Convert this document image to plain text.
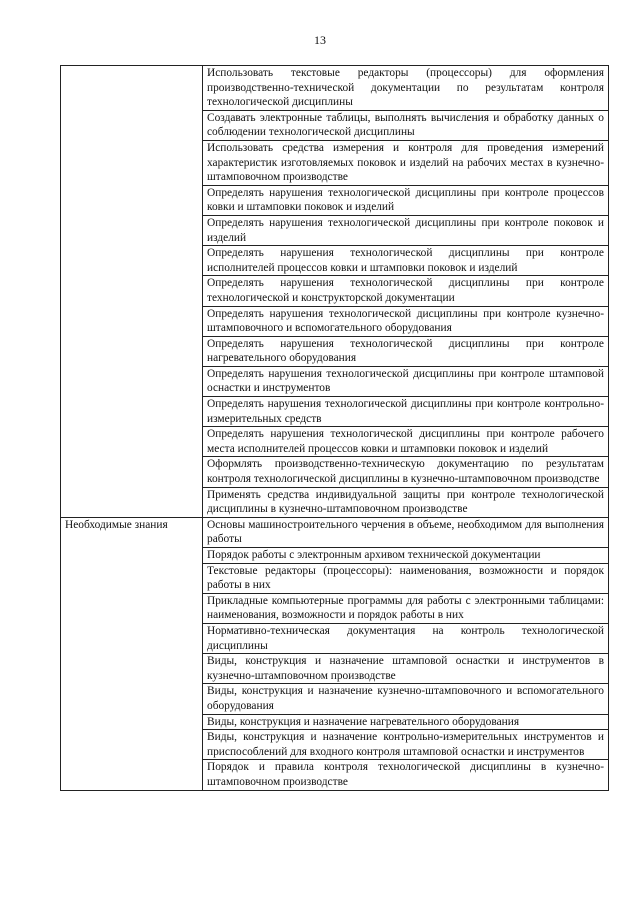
13
	Использовать текстовые редакторы (процессоры) для оформления производственно-технической документации по результатам контроля технологической дисциплины
	Создавать электронные таблицы, выполнять вычисления и обработку данных о соблюдении технологической дисциплины
	Использовать средства измерения и контроля для проведения измерений характеристик изготовляемых поковок и изделий на рабочих местах в кузнечно-штамповочном производстве
	Определять нарушения технологической дисциплины при контроле процессов ковки и штамповки поковок и изделий
	Определять нарушения технологической дисциплины при контроле поковок и изделий
	Определять нарушения технологической дисциплины при контроле исполнителей процессов ковки и штамповки поковок и изделий
	Определять нарушения технологической дисциплины при контроле технологической и конструкторской документации
	Определять нарушения технологической дисциплины при контроле кузнечно-штамповочного и вспомогательного оборудования
	Определять нарушения технологической дисциплины при контроле нагревательного оборудования
	Определять нарушения технологической дисциплины при контроле штамповой оснастки и инструментов
	Определять нарушения технологической дисциплины при контроле контрольно-измерительных средств
	Определять нарушения технологической дисциплины при контроле рабочего места исполнителей процессов ковки и штамповки поковок и изделий
	Оформлять производственно-техническую документацию по результатам контроля технологической дисциплины в кузнечно-штамповочном производстве
	Применять средства индивидуальной защиты при контроле технологической дисциплины в кузнечно-штамповочном производстве
Необходимые знания	Основы машиностроительного черчения в объеме, необходимом для выполнения работы
	Порядок работы с электронным архивом технической документации
	Текстовые редакторы (процессоры): наименования, возможности и порядок работы в них
	Прикладные компьютерные программы для работы с электронными таблицами: наименования, возможности и порядок работы в них
	Нормативно-техническая документация на контроль технологической дисциплины
	Виды, конструкция и назначение штамповой оснастки и инструментов в кузнечно-штамповочном производстве
	Виды, конструкция и назначение кузнечно-штамповочного и вспомогательного оборудования
	Виды, конструкция и назначение нагревательного оборудования
	Виды, конструкция и назначение контрольно-измерительных инструментов и приспособлений для входного контроля штамповой оснастки и инструментов
	Порядок и правила контроля технологической дисциплины в кузнечно-штамповочном производстве
